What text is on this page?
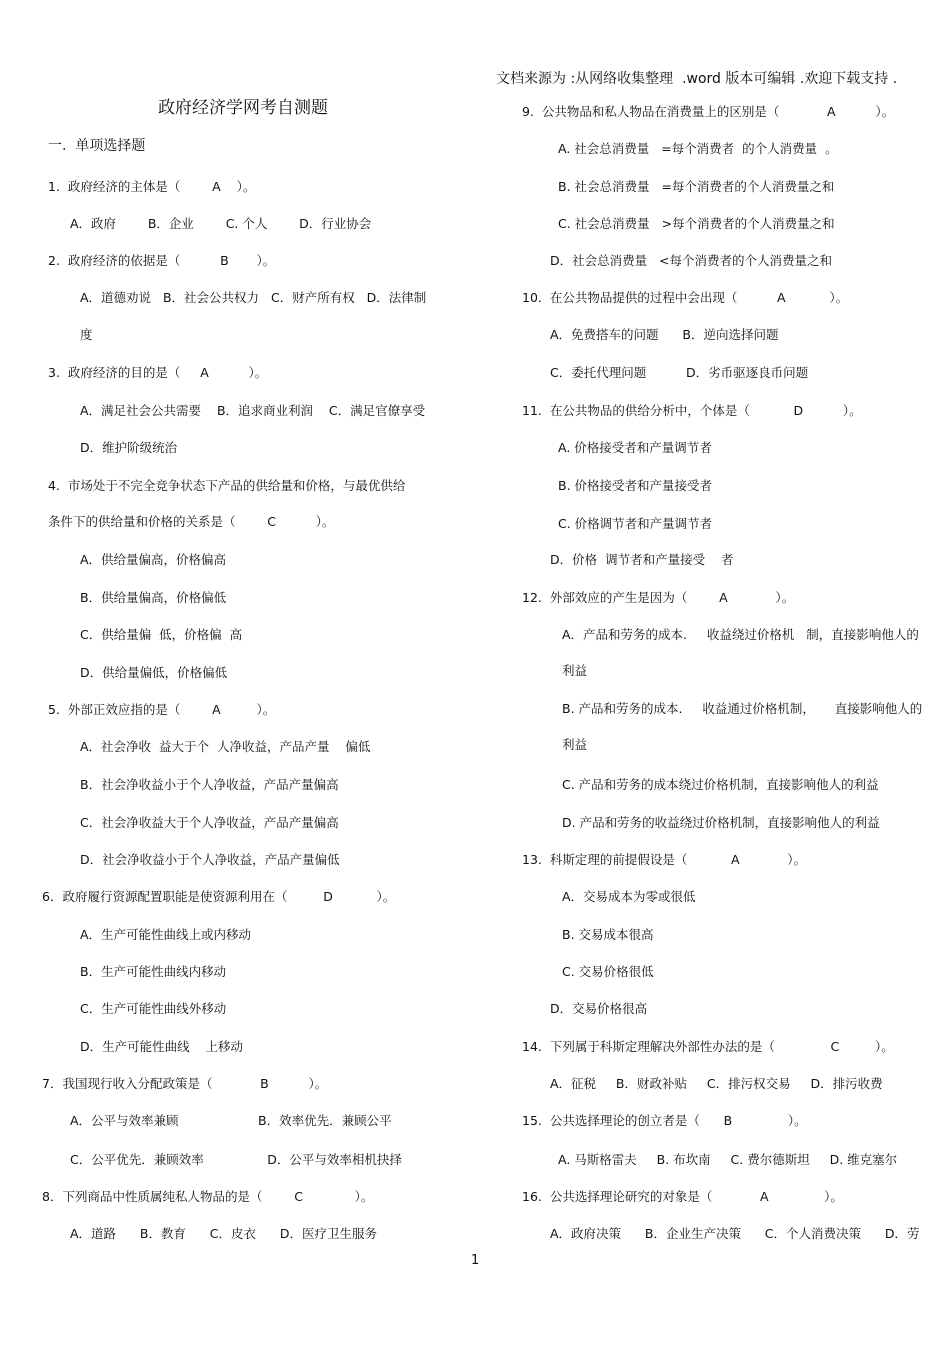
文档来源为 :从网络收集整理  .word 版本可编辑 .欢迎下载支持 .
政府经济学网考自测题
一.  单项选择题
1.  政府经济的主体是（        A    ）。
A．政府        B．企业        C. 个人        D．行业协会
2.  政府经济的依据是（          B       ）。
A．道德劝说   B．社会公共权力   C．财产所有权   D．法律制
度
3.  政府经济的目的是（     A          ）。
A．满足社会公共需要    B．追求商业利润    C．满足官僚享受
D．维护阶级统治
4.  市场处于不完全竞争状态下产品的供给量和价格，与最优供给
条件下的供给量和价格的关系是（        C          ）。
A．供给量偏高，价格偏高
B．供给量偏高，价格偏低
C．供给量偏  低，价格偏  高
D．供给量偏低，价格偏低
5.  外部正效应指的是（        A         ）。
A．社会净收  益大于个  人净收益，产品产量    偏低
B．社会净收益小于个人净收益，产品产量偏高
C．社会净收益大于个人净收益，产品产量偏高
D．社会净收益小于个人净收益，产品产量偏低
6．政府履行资源配置职能是使资源利用在（         D           ）。
A．生产可能性曲线上或内移动
B．生产可能性曲线内移动
C．生产可能性曲线外移动
D．生产可能性曲线    上移动
7．我国现行收入分配政策是（            B          ）。
A．公平与效率兼顾                    B．效率优先．兼顾公平
C．公平优先．兼顾效率                D．公平与效率相机抉择
8．下列商品中性质属纯私人物品的是（        C             ）。
A．道路      B．教育      C．皮衣      D．医疗卫生服务
9.  公共物品和私人物品在消费量上的区别是（            A          ）。
A. 社会总消费量   =每个消费者  的个人消费量  。
B. 社会总消费量   =每个消费者的个人消费量之和
C. 社会总消费量   >每个消费者的个人消费量之和
D．社会总消费量   <每个消费者的个人消费量之和
10.  在公共物品提供的过程中会出现（          A           ）。
A．免费搭车的问题      B．逆向选择问题
C．委托代理问题          D．劣币驱逐良币问题
11.  在公共物品的供给分析中，个体是（           D          ）。
A. 价格接受者和产量调节者
B. 价格接受者和产量接受者
C. 价格调节者和产量调节者
D．价格  调节者和产量接受    者
12.  外部效应的产生是因为（        A            ）。
A．产品和劳务的成本.     收益绕过价格机   制，直接影响他人的
利益
B. 产品和劳务的成本.     收益通过价格机制，     直接影响他人的
利益
C. 产品和劳务的成本绕过价格机制，直接影响他人的利益
D. 产品和劳务的收益绕过价格机制，直接影响他人的利益
13.  科斯定理的前提假设是（           A            ）。
A．交易成本为零或很低
B. 交易成本很高
C. 交易价格很低
D．交易价格很高
14.  下列属于科斯定理解决外部性办法的是（              C         ）。
A．征税     B．财政补贴     C．排污权交易     D．排污收费
15.  公共选择理论的创立者是（      B              ）。
A. 马斯格雷夫     B. 布坎南     C. 费尔德斯坦     D. 维克塞尔
16.  公共选择理论研究的对象是（            A              ）。
A．政府决策      B．企业生产决策      C．个人消费决策      D．劳
1
